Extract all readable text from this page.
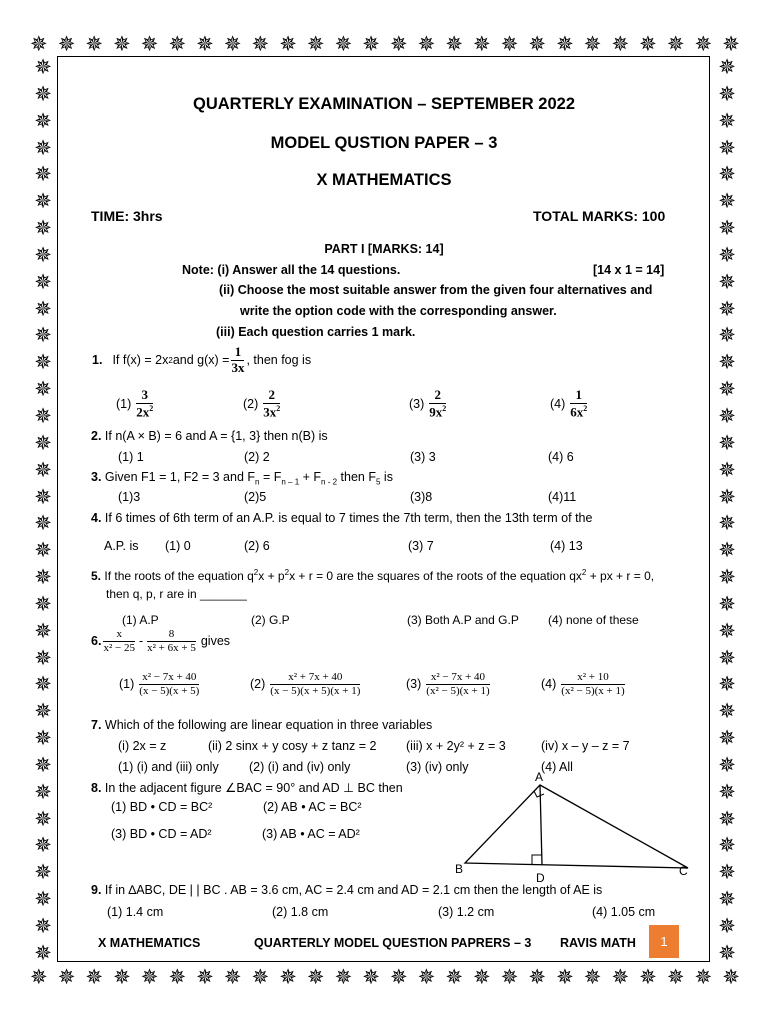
✵ ✵ ✵ ✵ ✵ ✵ ✵ ✵ ✵ ✵ ✵ ✵ ✵ ✵ ✵ ✵ ✵ ✵ ✵ ✵ ✵ ✵ ✵ ✵ ✵ ✵
✵ ✵ ✵ ✵ ✵ ✵ ✵ ✵ ✵ ✵ ✵ ✵ ✵ ✵ ✵ ✵ ✵ ✵ ✵ ✵ ✵ ✵ ✵ ✵ ✵ ✵
✵
✵
✵
✵
✵
✵
✵
✵
✵
✵
✵
✵
✵
✵
✵
✵
✵
✵
✵
✵
✵
✵
✵
✵
✵
✵
✵
✵
✵
✵
✵
✵
✵
✵
✵
✵
✵
✵
✵
✵
✵
✵
✵
✵
✵
✵
✵
✵
✵
✵
✵
✵
✵
✵
✵
✵
✵
✵
✵
✵
✵
✵
✵
✵
✵
✵
✵
✵
QUARTERLY EXAMINATION – SEPTEMBER 2022
MODEL QUSTION PAPER – 3
X MATHEMATICS
TIME: 3hrs	TOTAL MARKS: 100
PART I [MARKS: 14]
Note: (i) Answer all the 14 questions.	[14 x 1 = 14]
(ii) Choose the most suitable answer from the given four alternatives and
write the option code with the corresponding answer.
(iii) Each question carries 1 mark.
1. If f(x) = 2x 2 and $g(x) = \frac{1}{3x}$ , then fog is
$(1) \frac{3}{2x^2}$	$(2) \frac{2}{3x^2}$	$(3) \frac{2}{9x^2}$	$(4) \frac{1}{6x^2}$
2. If n(A × B) = 6 and A = {1, 3} then n(B) is
(1) 1	(2) 2	(3) 3	(4) 6
3. Given F1 = 1, F2 = 3 and $F_n = F_{n - 1} + F_{n - 2}$ then $F_5$ is
(1)3	(2)5	(3)8	(4)11
4. If 6 times of 6th term of an A.P. is equal to 7 times the 7th term, then the 13th term of the
A.P. is (1) 0	(2) 6	(3) 7	(4) 13
5. If the roots of the equation $q^2x + p^2x + r = 0$ are the squares of the roots of the equation $qx^2$ + px + r = 0,
then q, p, r are in _______
(1) A.P	(2) G.P	(3) Both A.P and G.P (4) none of these
6. $\frac{x}{\text{x² − 25}} - \frac{8}{\text{x² + 6x + 5}}$ gives
$(1) \frac{\text{x² − 7x + 40}}{(x - 5)(x + 5)}$	$(2) \frac{\text{x² + 7x + 40}}{(x - 5)(x + 5)(x + 1)}$	$(3) \frac{\text{x² − 7x + 40}}{\text{(x² − 5)(x + 1)}}$	$(4) \frac{\text{x² + 10}}{\text{(x² − 5)(x + 1)}}$
7. Which of the following are linear equation in three variables
(i) 2x = z	(ii) 2 sinx + y cosy + z tanz = 2 (iii) x + 2y² + z = 3	(iv) x – y – z = 7
(1) (i) and (iii) only (2) (i) and (iv) only	(3) (iv) only	(4) All
8. In the adjacent figure ∠BAC = 90° and AD ⊥ BC then
(1) BD • CD = BC²	(2) AB • AC = BC²
(3) BD • CD = AD²	(3) AB • AC = AD²
A
B	C
D
9. If in ∆ABC, DE | | BC . AB = 3.6 cm, AC = 2.4 cm and AD = 2.1 cm then the length of AE is
(1) 1.4 cm	(2) 1.8 cm	(3) 1.2 cm	(4) 1.05 cm
X MATHEMATICS	QUARTERLY MODEL QUESTION PAPRERS – 3 RAVIS MATH	1
